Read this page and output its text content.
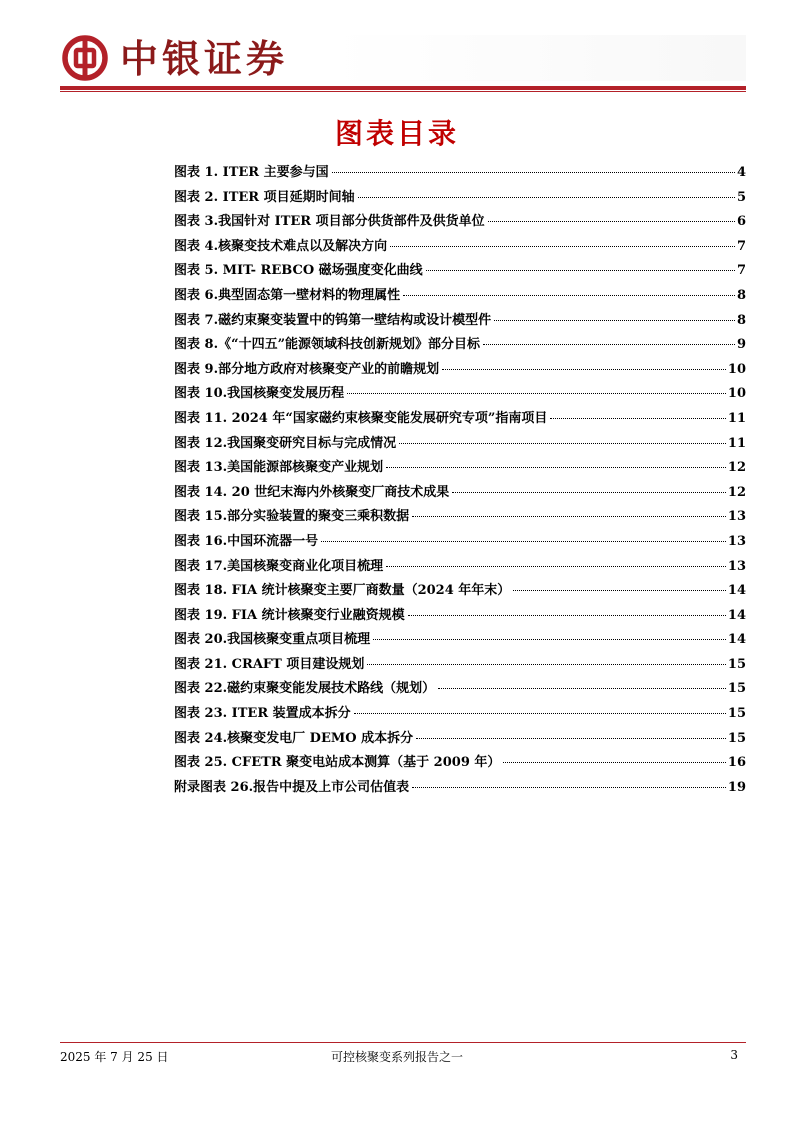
中银证券
图表目录
图表 1. ITER 主要参与国	4
图表 2. ITER 项目延期时间轴	5
图表 3.我国针对 ITER 项目部分供货部件及供货单位	6
图表 4.核聚变技术难点以及解决方向	7
图表 5. MIT- REBCO 磁场强度变化曲线	7
图表 6.典型固态第一壁材料的物理属性	8
图表 7.磁约束聚变装置中的钨第一壁结构或设计模型件	8
图表 8.《“十四五”能源领域科技创新规划》部分目标	9
图表 9.部分地方政府对核聚变产业的前瞻规划	10
图表 10.我国核聚变发展历程	10
图表 11. 2024 年“国家磁约束核聚变能发展研究专项”指南项目	11
图表 12.我国聚变研究目标与完成情况	11
图表 13.美国能源部核聚变产业规划	12
图表 14. 20 世纪末海内外核聚变厂商技术成果	12
图表 15.部分实验装置的聚变三乘积数据	13
图表 16.中国环流器一号	13
图表 17.美国核聚变商业化项目梳理	13
图表 18. FIA 统计核聚变主要厂商数量（2024 年年末）	14
图表 19. FIA 统计核聚变行业融资规模	14
图表 20.我国核聚变重点项目梳理	14
图表 21. CRAFT 项目建设规划	15
图表 22.磁约束聚变能发展技术路线（规划）	15
图表 23. ITER 装置成本拆分	15
图表 24.核聚变发电厂 DEMO 成本拆分	15
图表 25. CFETR 聚变电站成本测算（基于 2009 年）	16
附录图表 26.报告中提及上市公司估值表	19
2025 年 7 月 25 日	可控核聚变系列报告之一	3
